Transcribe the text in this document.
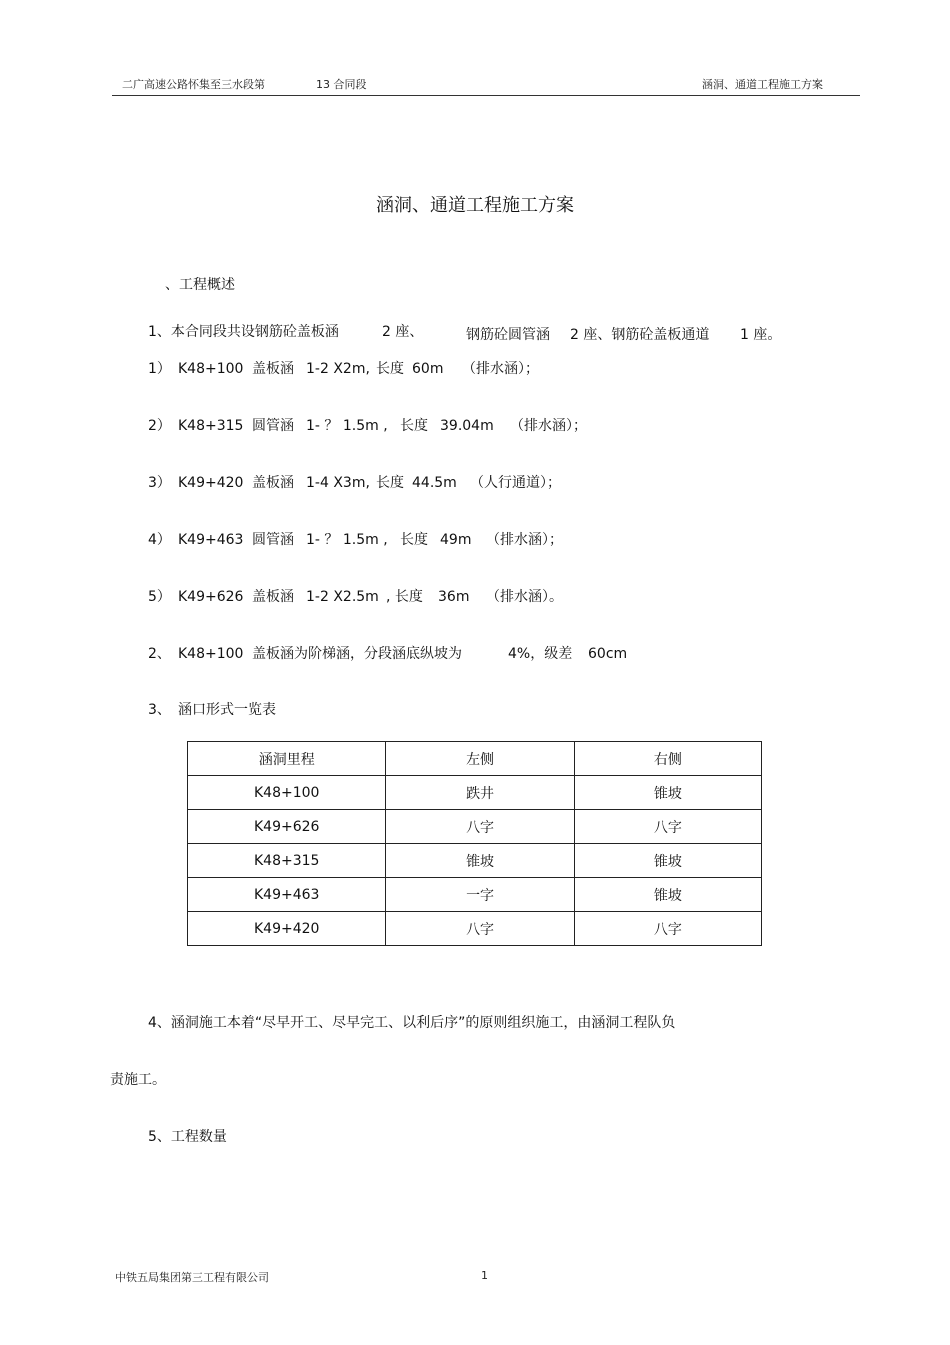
二广高速公路怀集至三水段第	13 合同段	涵洞、通道工程施工方案
涵洞、通道工程施工方案
、工程概述
1、本合同段共设钢筋砼盖板涵	2 座、	钢筋砼圆管涵 2 座、钢筋砼盖板通道 1 座。
1） K48+100 盖板涵 1-2 X2m, 长度 60m （排水涵）；
2） K48+315 圆管涵 1- ？ 1.5m , 长度 39.04m （排水涵）；
3） K49+420 盖板涵 1-4 X3m, 长度 44.5m （人行通道）；
4） K49+463 圆管涵 1- ？ 1.5m , 长度 49m （排水涵）；
5） K49+626 盖板涵 1-2 X2.5m , 长度 36m （排水涵）。
2、 K48+100 盖板涵为阶梯涵，分段涵底纵坡为	4%，级差 60cm
3、 涵口形式一览表
涵洞里程	左侧	右侧
K48+100	跌井	锥坡
K49+626	八字	八字
K48+315	锥坡	锥坡
K49+463	一字	锥坡
K49+420	八字	八字
4、涵洞施工本着“尽早开工、尽早完工、以利后序”的原则组织施工，由涵洞工程队负
责施工。
5、工程数量
中铁五局集团第三工程有限公司	1
